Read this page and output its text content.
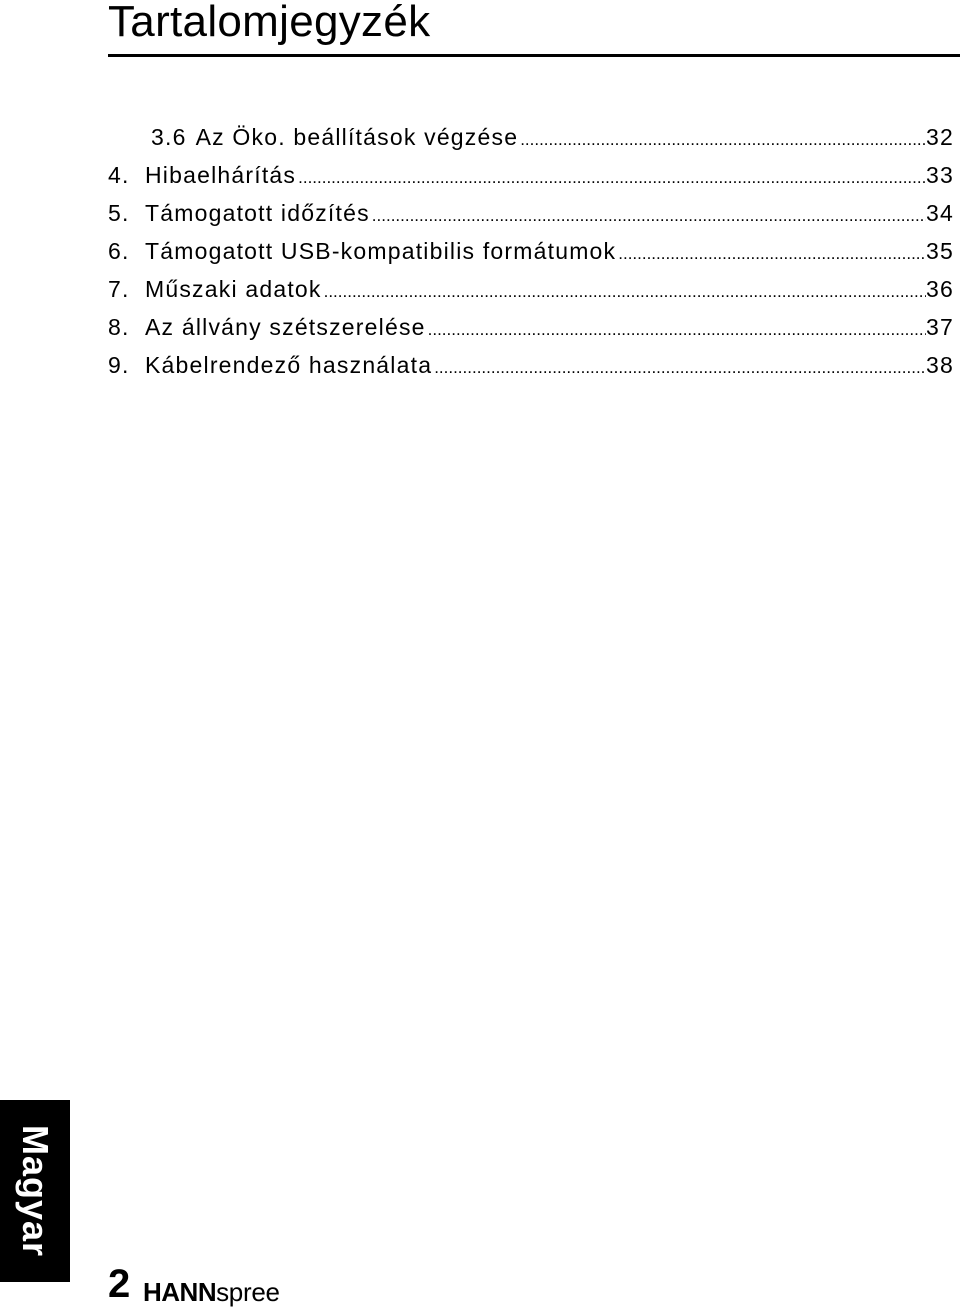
Tartalomjegyzék
3.6 Az Öko. beállítások végzése .....	32
4. Hibaelhárítás .....	33
5. Támogatott időzítés .....	34
6. Támogatott USB-kompatibilis formátumok .....	35
7. Műszaki adatok .....	36
8. Az állvány szétszerelése .....	37
9. Kábelrendező használata .....	38
Magyar
2 HANNspree
